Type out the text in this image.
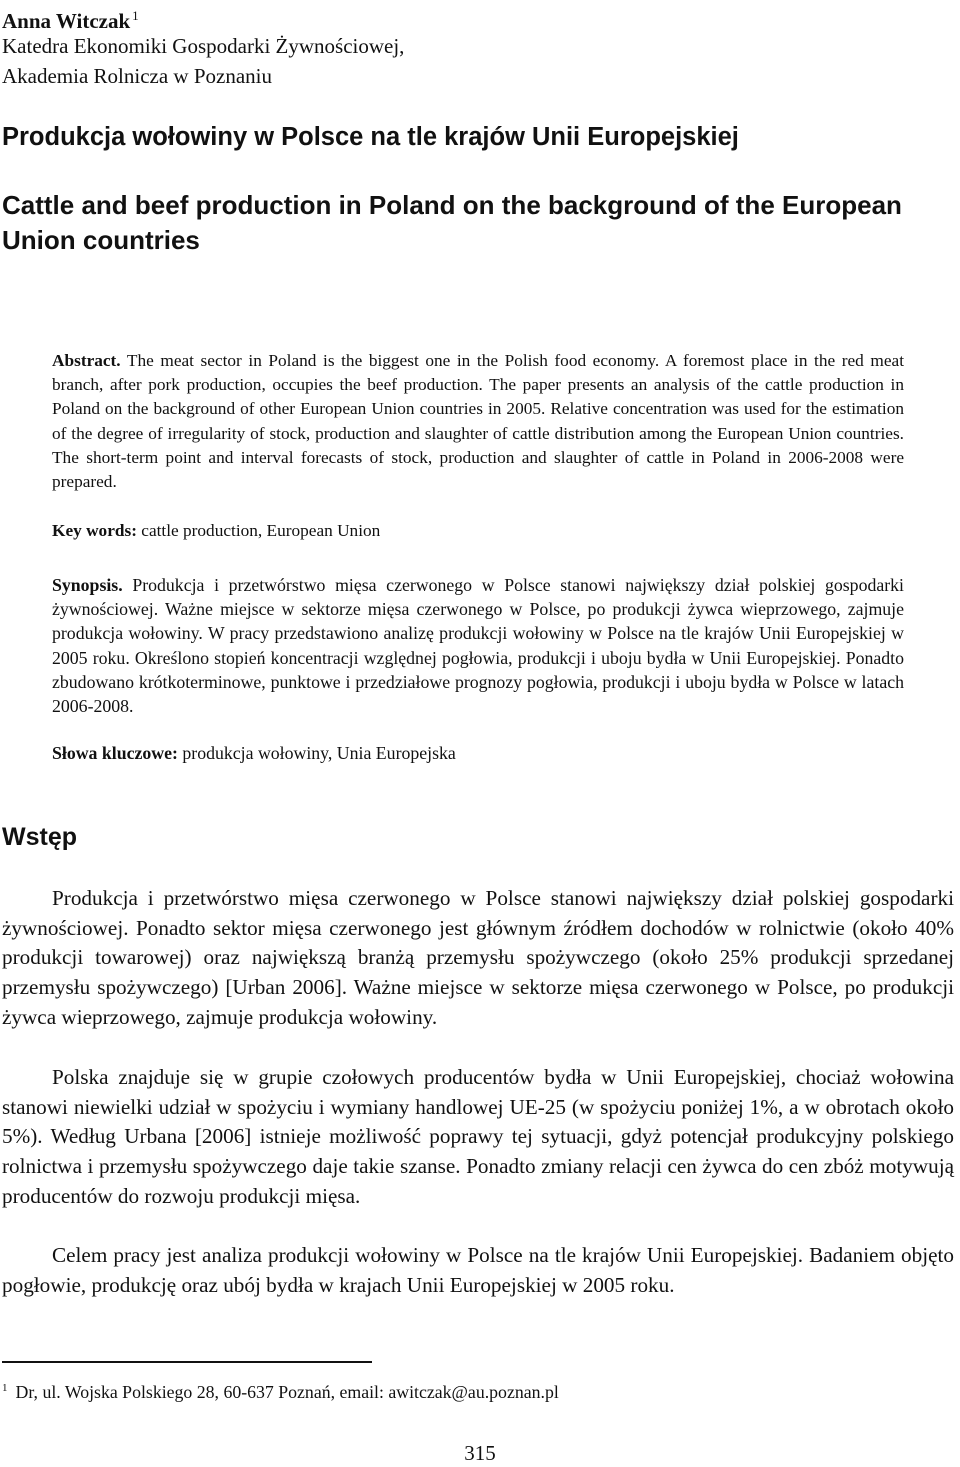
Anna Witczak $^1$
Katedra Ekonomiki Gospodarki Żywnościowej,
Akademia Rolnicza w Poznaniu
Produkcja wołowiny w Polsce na tle krajów Unii Europejskiej
Cattle and beef production in Poland on the background of the European Union countries
Abstract. The meat sector in Poland is the biggest one in the Polish food economy. A foremost place in the red meat branch, after pork production, occupies the beef production. The paper presents an analysis of the cattle production in Poland on the background of other European Union countries in 2005. Relative concentration was used for the estimation of the degree of irregularity of stock, production and slaughter of cattle distribution among the European Union countries. The short-term point and interval forecasts of stock, production and slaughter of cattle in Poland in 2006-2008 were prepared.
Key words: cattle production, European Union
Synopsis. Produkcja i przetwórstwo mięsa czerwonego w Polsce stanowi największy dział polskiej gospodarki żywnościowej. Ważne miejsce w sektorze mięsa czerwonego w Polsce, po produkcji żywca wieprzowego, zajmuje produkcja wołowiny. W pracy przedstawiono analizę produkcji wołowiny w Polsce na tle krajów Unii Europejskiej w 2005 roku. Określono stopień koncentracji względnej pogłowia, produkcji i uboju bydła w Unii Europejskiej. Ponadto zbudowano krótkoterminowe, punktowe i przedziałowe prognozy pogłowia, produkcji i uboju bydła w Polsce w latach 2006-2008.
Słowa kluczowe: produkcja wołowiny, Unia Europejska
Wstęp
Produkcja i przetwórstwo mięsa czerwonego w Polsce stanowi największy dział polskiej gospodarki żywnościowej. Ponadto sektor mięsa czerwonego jest głównym źródłem dochodów w rolnictwie (około 40% produkcji towarowej) oraz największą branżą przemysłu spożywczego (około 25% produkcji sprzedanej przemysłu spożywczego) [Urban 2006]. Ważne miejsce w sektorze mięsa czerwonego w Polsce, po produkcji żywca wieprzowego, zajmuje produkcja wołowiny.
Polska znajduje się w grupie czołowych producentów bydła w Unii Europejskiej, chociaż wołowina stanowi niewielki udział w spożyciu i wymiany handlowej UE-25 (w spożyciu poniżej 1%, a w obrotach około 5%). Według Urbana [2006] istnieje możliwość poprawy tej sytuacji, gdyż potencjał produkcyjny polskiego rolnictwa i przemysłu spożywczego daje takie szanse. Ponadto zmiany relacji cen żywca do cen zbóż motywują producentów do rozwoju produkcji mięsa.
Celem pracy jest analiza produkcji wołowiny w Polsce na tle krajów Unii Europejskiej. Badaniem objęto pogłowie, produkcję oraz ubój bydła w krajach Unii Europejskiej w 2005 roku.
$^1$ Dr, ul. Wojska Polskiego 28, 60-637 Poznań, email: awitczak@au.poznan.pl
315
